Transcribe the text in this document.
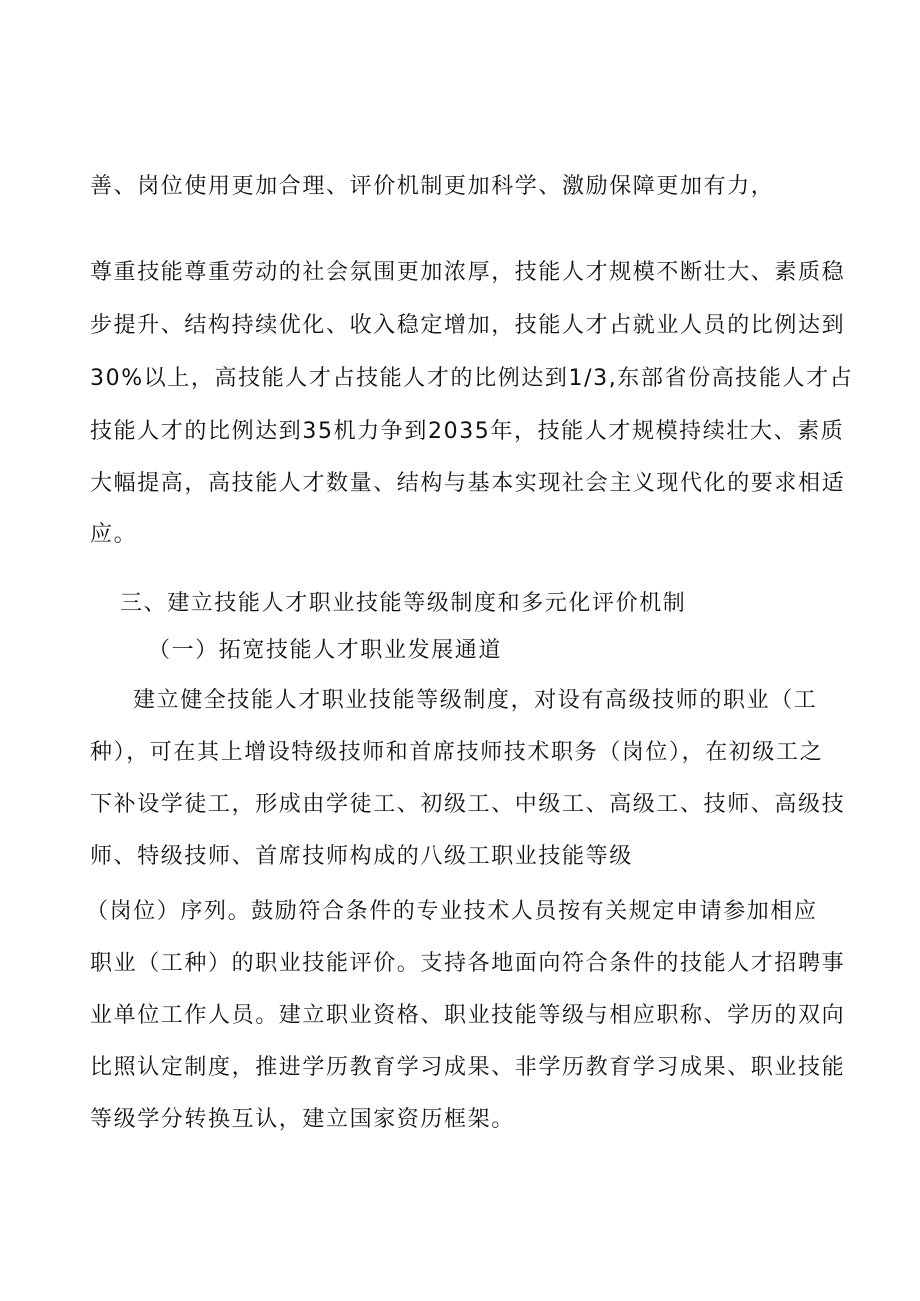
善、岗位使用更加合理、评价机制更加科学、激励保障更加有力，
尊重技能尊重劳动的社会氛围更加浓厚，技能人才规模不断壮大、素质稳
步提升、结构持续优化、收入稳定增加，技能人才占就业人员的比例达到
30%以上，高技能人才占技能人才的比例达到1/3,东部省份高技能人才占
技能人才的比例达到35机力争到2035年，技能人才规模持续壮大、素质
大幅提高，高技能人才数量、结构与基本实现社会主义现代化的要求相适
应。
三、建立技能人才职业技能等级制度和多元化评价机制
（一）拓宽技能人才职业发展通道
建立健全技能人才职业技能等级制度，对设有高级技师的职业（工
种），可在其上增设特级技师和首席技师技术职务（岗位），在初级工之
下补设学徒工，形成由学徒工、初级工、中级工、高级工、技师、高级技
师、特级技师、首席技师构成的八级工职业技能等级
（岗位）序列。鼓励符合条件的专业技术人员按有关规定申请参加相应
职业（工种）的职业技能评价。支持各地面向符合条件的技能人才招聘事
业单位工作人员。建立职业资格、职业技能等级与相应职称、学历的双向
比照认定制度，推进学历教育学习成果、非学历教育学习成果、职业技能
等级学分转换互认，建立国家资历框架。
